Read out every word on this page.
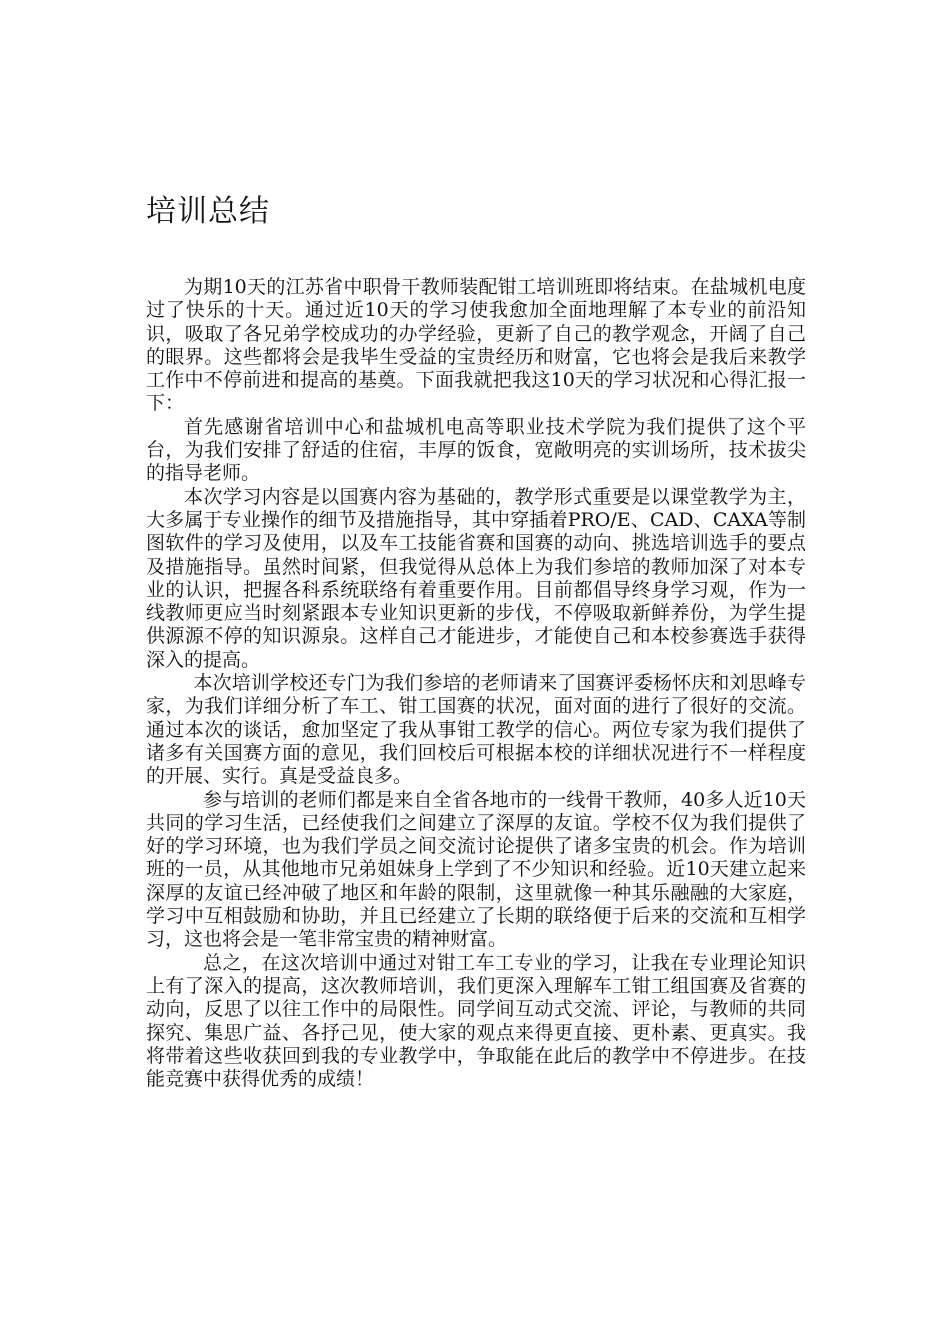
培训总结

为期10天的江苏省中职骨干教师装配钳工培训班即将结束。在盐城机电度过了快乐的十天。通过近10天的学习使我愈加全面地理解了本专业的前沿知识，吸取了各兄弟学校成功的办学经验，更新了自己的教学观念，开阔了自己的眼界。这些都将会是我毕生受益的宝贵经历和财富，它也将会是我后来教学工作中不停前进和提高的基奠。下面我就把我这10天的学习状况和心得汇报一下：

首先感谢省培训中心和盐城机电高等职业技术学院为我们提供了这个平台，为我们安排了舒适的住宿，丰厚的饭食，宽敞明亮的实训场所，技术拔尖的指导老师。

本次学习内容是以国赛内容为基础的，教学形式重要是以课堂教学为主，大多属于专业操作的细节及措施指导，其中穿插着PRO/E、CAD、CAXA等制图软件的学习及使用，以及车工技能省赛和国赛的动向、挑选培训选手的要点及措施指导。虽然时间紧，但我觉得从总体上为我们参培的教师加深了对本专业的认识，把握各科系统联络有着重要作用。目前都倡导终身学习观，作为一线教师更应当时刻紧跟本专业知识更新的步伐，不停吸取新鲜养份，为学生提供源源不停的知识源泉。这样自己才能进步，才能使自己和本校参赛选手获得深入的提高。

本次培训学校还专门为我们参培的老师请来了国赛评委杨怀庆和刘思峰专家，为我们详细分析了车工、钳工国赛的状况，面对面的进行了很好的交流。通过本次的谈话，愈加坚定了我从事钳工教学的信心。两位专家为我们提供了诸多有关国赛方面的意见，我们回校后可根据本校的详细状况进行不一样程度的开展、实行。真是受益良多。

参与培训的老师们都是来自全省各地市的一线骨干教师，40多人近10天共同的学习生活，已经使我们之间建立了深厚的友谊。学校不仅为我们提供了好的学习环境，也为我们学员之间交流讨论提供了诸多宝贵的机会。作为培训班的一员，从其他地市兄弟姐妹身上学到了不少知识和经验。近10天建立起来深厚的友谊已经冲破了地区和年龄的限制，这里就像一种其乐融融的大家庭，学习中互相鼓励和协助，并且已经建立了长期的联络便于后来的交流和互相学习，这也将会是一笔非常宝贵的精神财富。

总之，在这次培训中通过对钳工车工专业的学习，让我在专业理论知识上有了深入的提高，这次教师培训，我们更深入理解车工钳工组国赛及省赛的动向，反思了以往工作中的局限性。同学间互动式交流、评论，与教师的共同探究、集思广益、各抒己见，使大家的观点来得更直接、更朴素、更真实。我将带着这些收获回到我的专业教学中，争取能在此后的教学中不停进步。在技能竞赛中获得优秀的成绩！
